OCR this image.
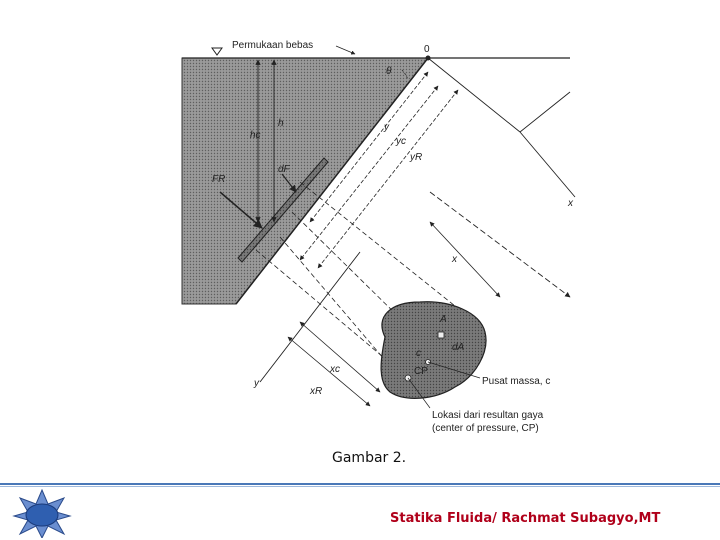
Permukaan bebas	0
θ
h
hc
y
yc
yR
FR
dF
x
x
A
dA
c
CP
xc
xR
y	Pusat massa, c
Lokasi dari resultan gaya
(center of pressure, CP)
Gambar 2.
Statika Fluida/ Rachmat Subagyo,MT
